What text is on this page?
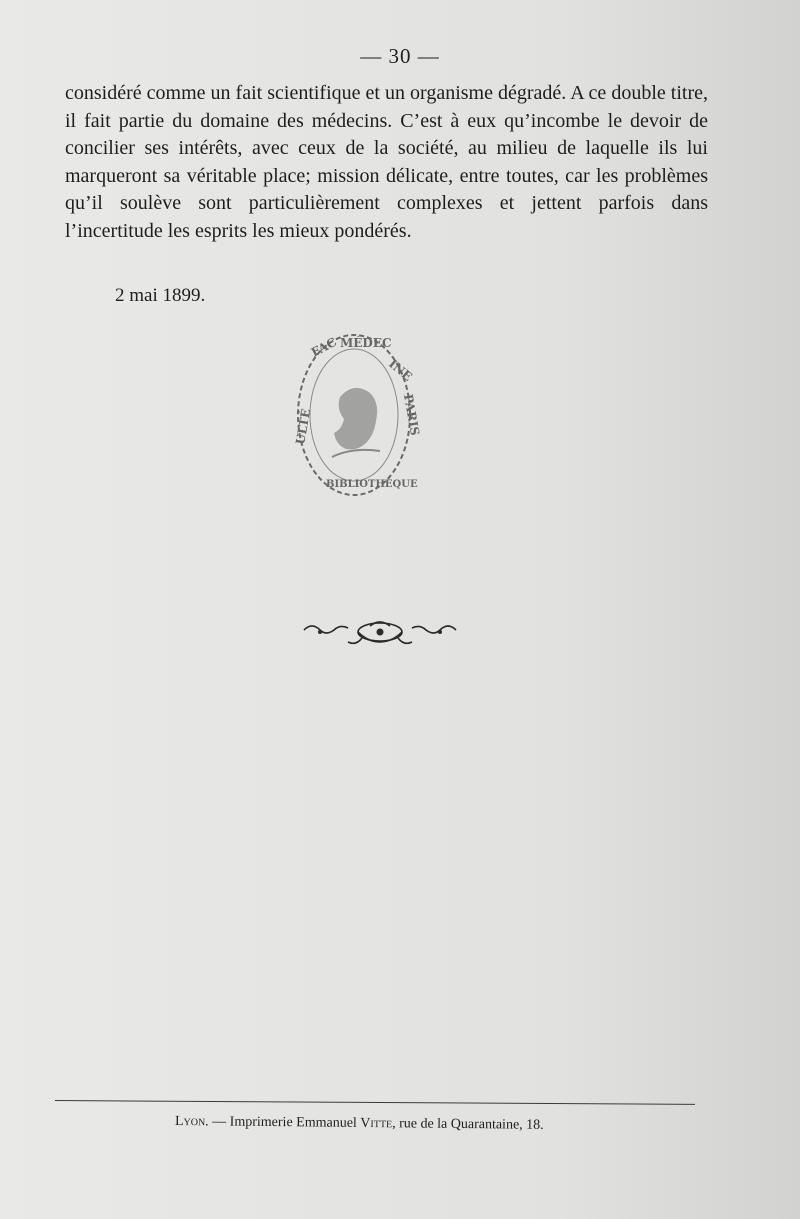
— 30 —

considéré comme un fait scientifique et un organisme dégradé. A ce double titre, il fait partie du domaine des médecins. C’est à eux qu’incombe le devoir de concilier ses intérêts, avec ceux de la société, au milieu de laquelle ils lui marqueront sa véritable place; mission délicate, entre toutes, car les problèmes qu’il soulève sont particulièrement complexes et jettent parfois dans l’incertitude les esprits les mieux pondérés.

2 mai 1899.
FAC MÉDEC
INE
ULTÉ	PARIS
BIBLIOTHÈQUE
Lyon. — Imprimerie Emmanuel Vitte, rue de la Quarantaine, 18.
